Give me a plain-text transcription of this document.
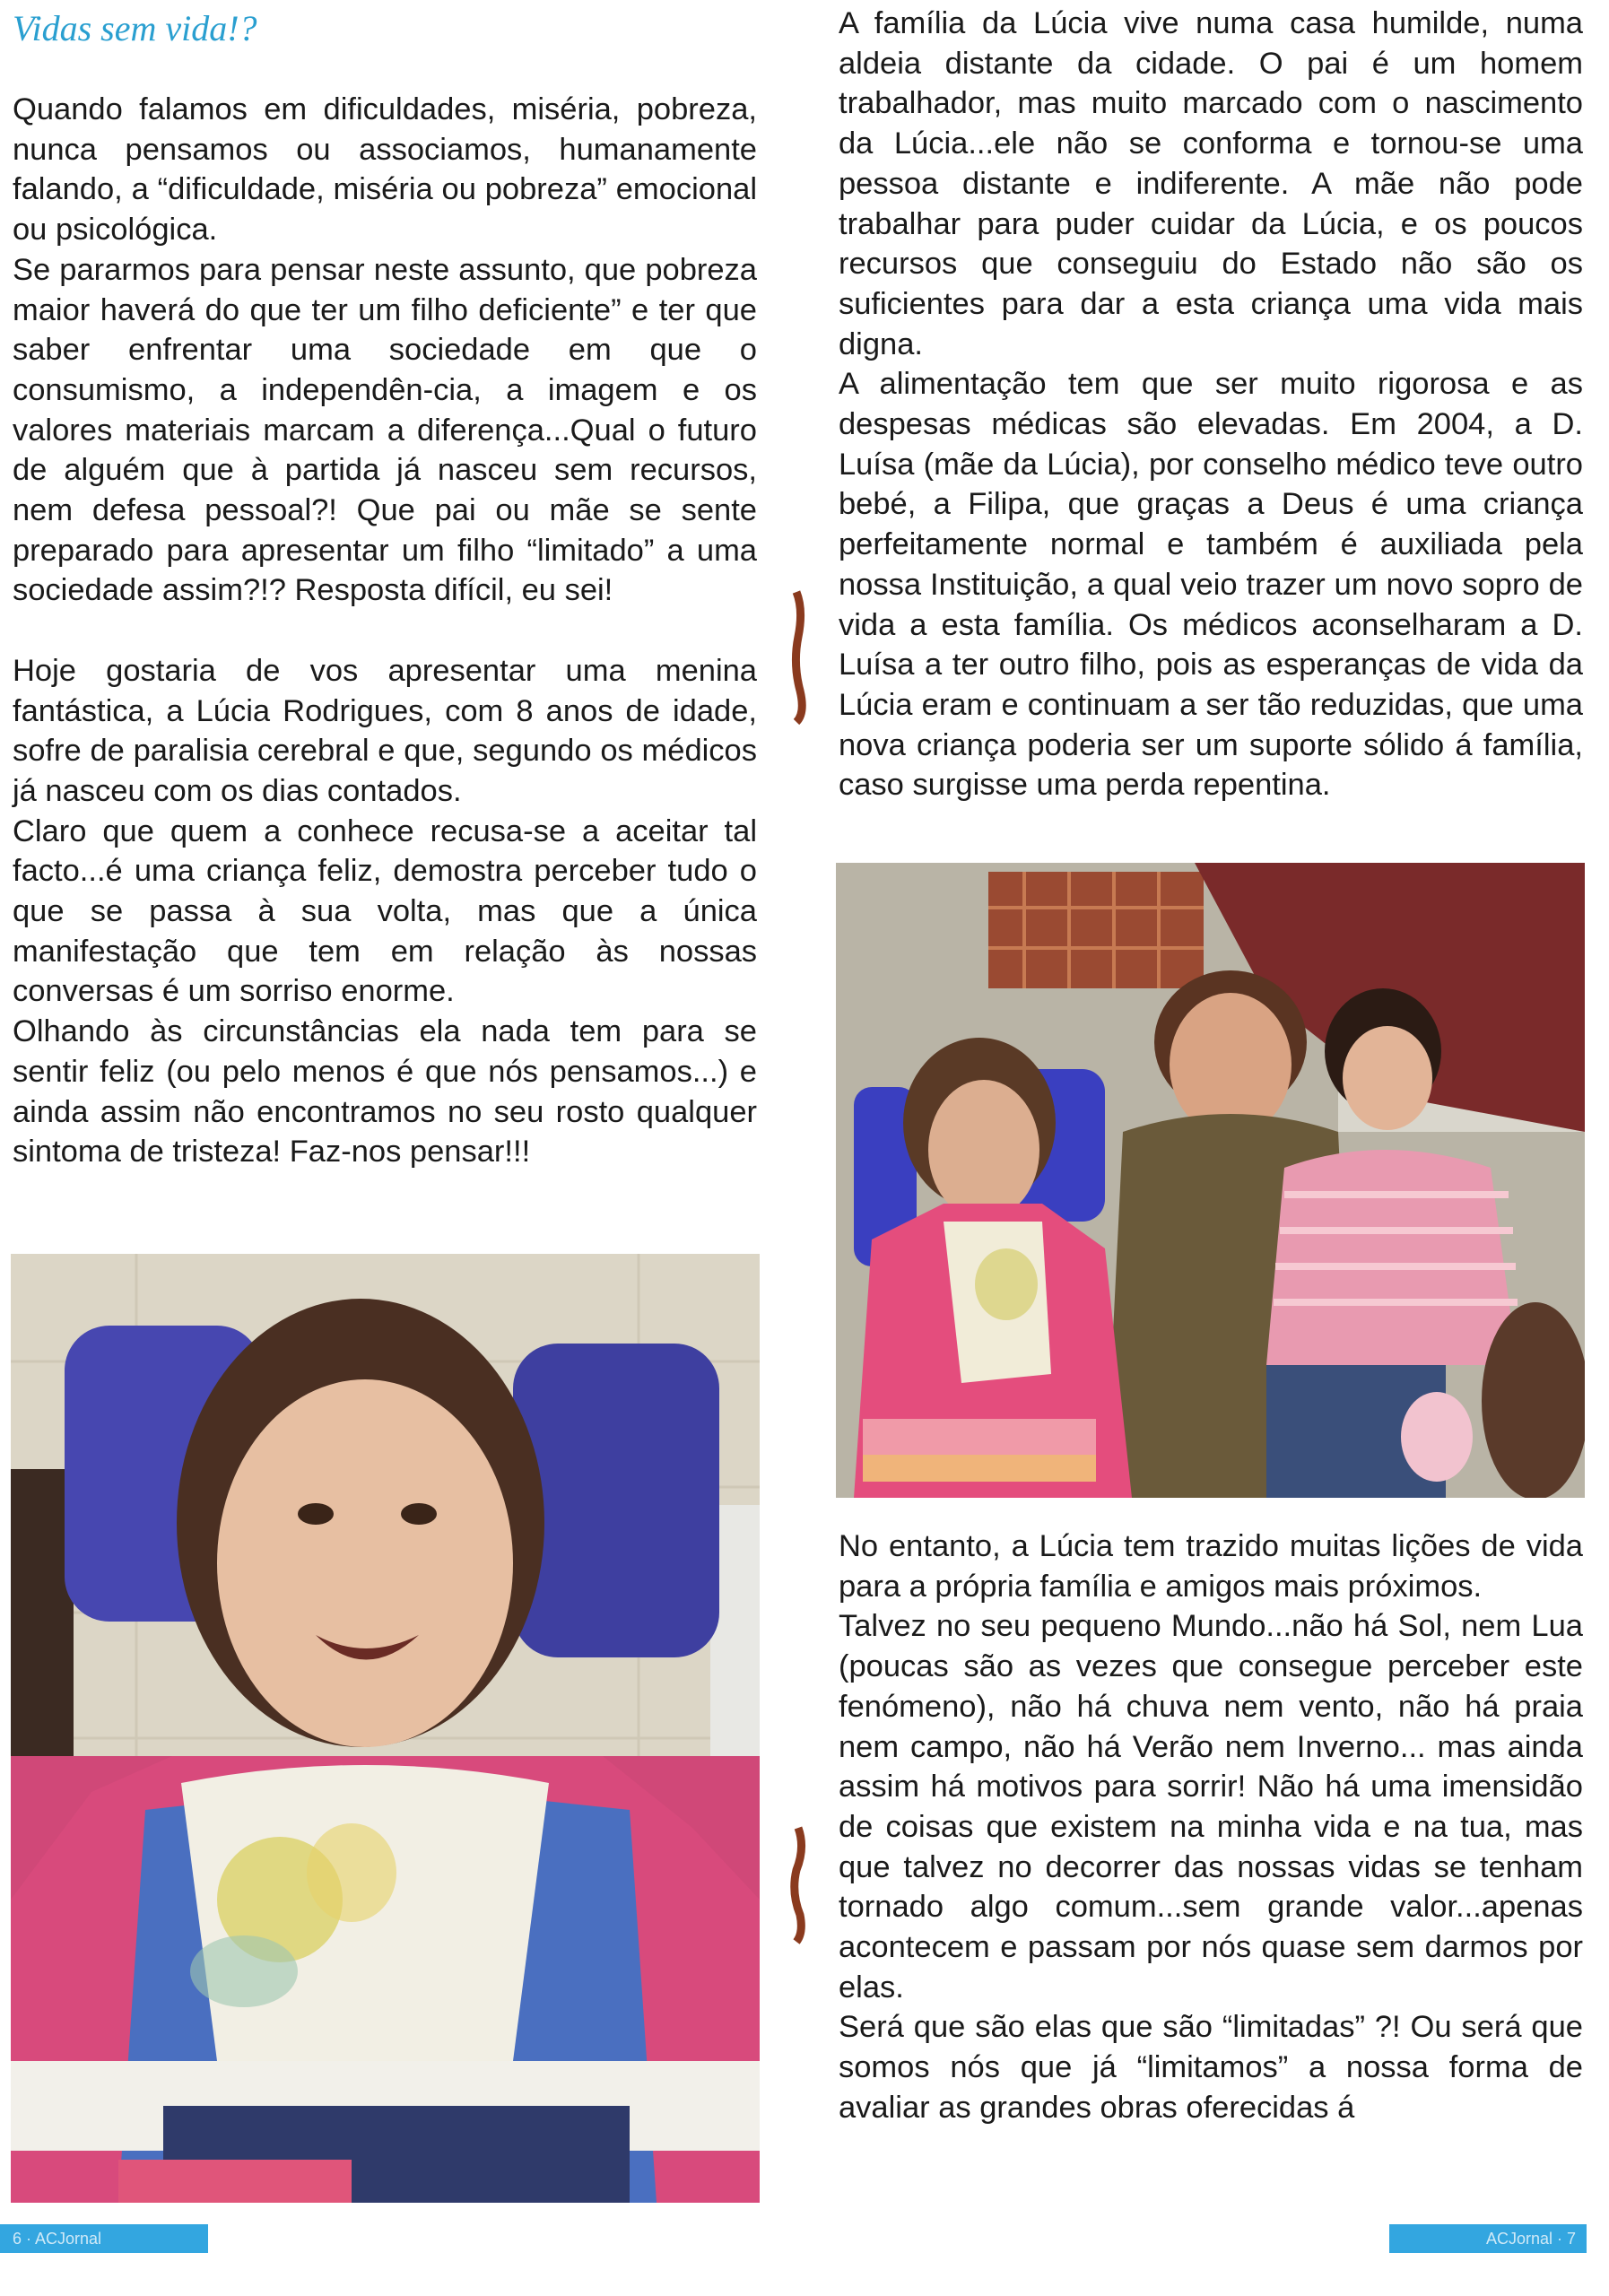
Vidas sem vida!?

Quando falamos em dificuldades, miséria, pobreza, nunca pensamos ou associamos, humanamente falando, a “dificuldade, miséria ou pobreza” emocional ou psicológica.

Se pararmos para pensar neste assunto, que pobreza maior haverá do que ter um filho deficiente” e ter que saber enfrentar uma sociedade em que o consumismo, a independên-cia, a imagem e os valores materiais marcam a diferença...Qual o futuro de alguém que à partida já nasceu sem recursos, nem defesa pessoal?! Que pai ou mãe se sente preparado para apresentar um filho “limitado” a uma sociedade assim?!? Resposta difícil, eu sei!

Hoje gostaria de vos apresentar uma menina fantástica, a Lúcia Rodrigues, com 8 anos de idade, sofre de paralisia cerebral e que, segundo os médicos já nasceu com os dias contados.

Claro que quem a conhece recusa-se a aceitar tal facto...é uma criança feliz, demostra perceber tudo o que se passa à sua volta, mas que a única manifestação que tem em relação às nossas conversas é um sorriso enorme.

Olhando às circunstâncias ela nada tem para se sentir feliz (ou pelo menos é que nós pensamos...) e ainda assim não encontramos no seu rosto qualquer sintoma de tristeza! Faz-nos pensar!!!

A família da Lúcia vive numa casa humilde, numa aldeia distante da cidade. O pai é um homem trabalhador, mas muito marcado com o nascimento da Lúcia...ele não se conforma e tornou-se uma pessoa distante e indiferente. A mãe não pode trabalhar para puder cuidar da Lúcia, e os poucos recursos que conseguiu do Estado não são os suficientes para dar a esta criança uma vida mais digna.

A alimentação tem que ser muito rigorosa e as despesas médicas são elevadas. Em 2004, a D. Luísa (mãe da Lúcia), por conselho médico teve outro bebé, a Filipa, que graças a Deus é uma criança perfeitamente normal e também é auxiliada pela nossa Instituição, a qual veio trazer um novo sopro de vida a esta família. Os médicos aconselharam a D. Luísa a ter outro filho, pois as esperanças de vida da Lúcia eram e continuam a ser tão reduzidas, que uma nova criança poderia ser um suporte sólido á família, caso surgisse uma perda repentina.

No entanto, a Lúcia tem trazido muitas lições de vida para a própria família e amigos mais próximos.

Talvez no seu pequeno Mundo...não há Sol, nem Lua (poucas são as vezes que consegue perceber este fenómeno), não há chuva nem vento, não há praia nem campo, não há Verão nem Inverno... mas ainda assim há motivos para sorrir! Não há uma imensidão de coisas que existem na minha vida e na tua, mas que talvez no decorrer das nossas vidas se tenham tornado algo comum...sem grande valor...apenas acontecem e passam por nós quase sem darmos por elas.

Será que são elas que são “limitadas” ?! Ou será que somos nós que já “limitamos” a nossa forma de avaliar as grandes obras oferecidas á

6 · ACJornal	ACJornal · 7
